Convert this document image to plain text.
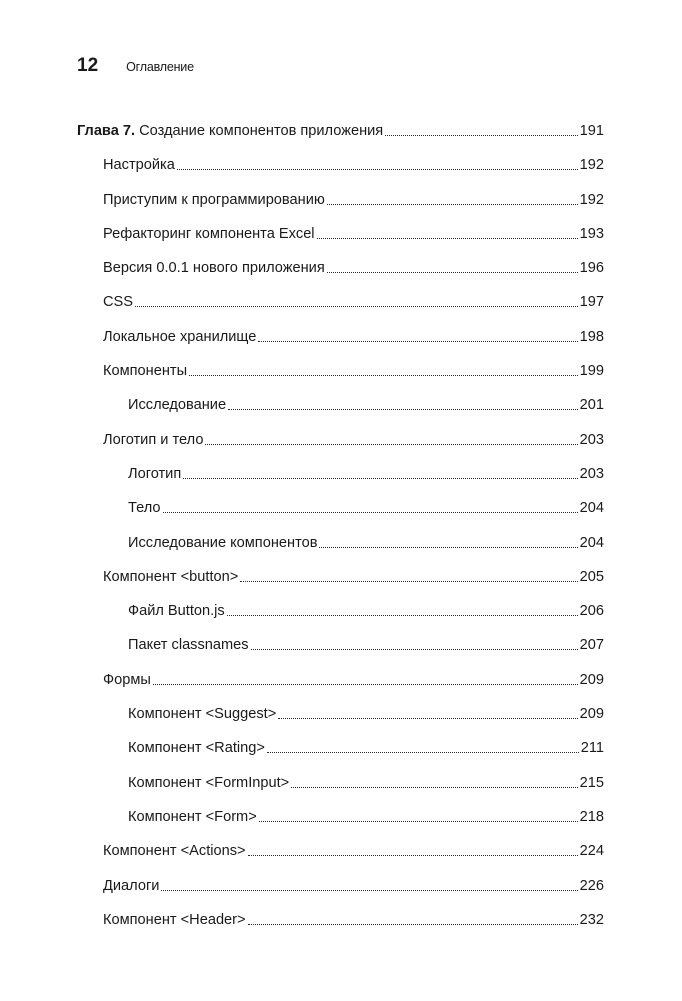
12 Оглавление
Глава 7. Создание компонентов приложения	191
Настройка	192
Приступим к программированию	192
Рефакторинг компонента Excel	193
Версия 0.0.1 нового приложения	196
CSS	197
Локальное хранилище	198
Компоненты	199
Исследование	201
Логотип и тело	203
Логотип	203
Тело	204
Исследование компонентов	204
Компонент <button>	205
Файл Button.js	206
Пакет classnames	207
Формы	209
Компонент <Suggest>	209
Компонент <Rating>	211
Компонент <FormInput>	215
Компонент <Form>	218
Компонент <Actions>	224
Диалоги	226
Компонент <Header>	232
